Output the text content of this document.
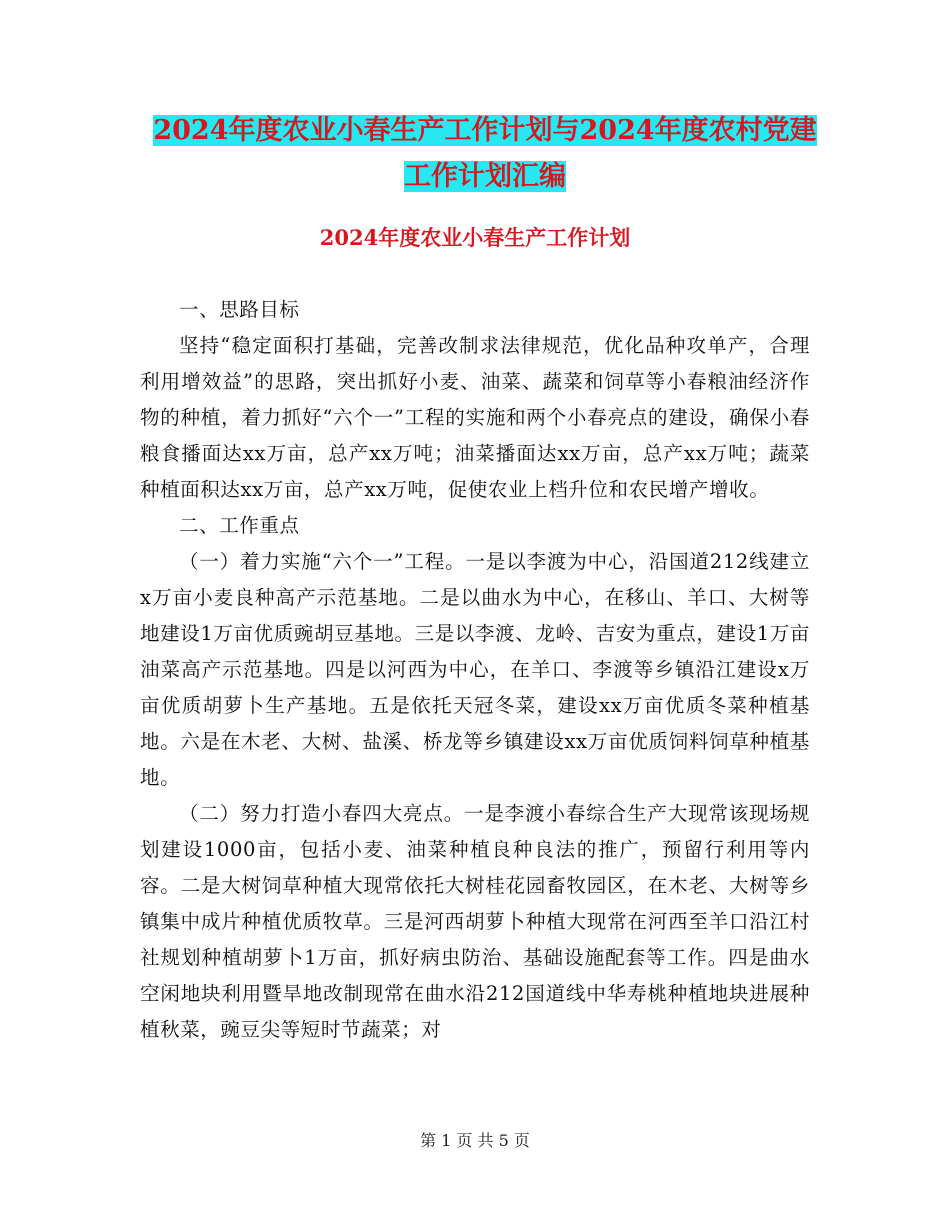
2024年度农业小春生产工作计划与2024年度农村党建
工作计划汇编
2024年度农业小春生产工作计划

一、思路目标

坚持“稳定面积打基础，完善改制求法律规范，优化品种攻单产，合理利用增效益”的思路，突出抓好小麦、油菜、蔬菜和饲草等小春粮油经济作物的种植，着力抓好“六个一”工程的实施和两个小春亮点的建设，确保小春粮食播面达xx万亩，总产xx万吨；油菜播面达xx万亩，总产xx万吨；蔬菜种植面积达xx万亩，总产xx万吨，促使农业上档升位和农民增产增收。

二、工作重点

（一）着力实施“六个一”工程。一是以李渡为中心，沿国道212线建立x万亩小麦良种高产示范基地。二是以曲水为中心，在移山、羊口、大树等地建设1万亩优质豌胡豆基地。三是以李渡、龙岭、吉安为重点，建设1万亩油菜高产示范基地。四是以河西为中心，在羊口、李渡等乡镇沿江建设x万亩优质胡萝卜生产基地。五是依托天冠冬菜，建设xx万亩优质冬菜种植基地。六是在木老、大树、盐溪、桥龙等乡镇建设xx万亩优质饲料饲草种植基地。

（二）努力打造小春四大亮点。一是李渡小春综合生产大现常该现场规划建设1000亩，包括小麦、油菜种植良种良法的推广，预留行利用等内容。二是大树饲草种植大现常依托大树桂花园畜牧园区，在木老、大树等乡镇集中成片种植优质牧草。三是河西胡萝卜种植大现常在河西至羊口沿江村社规划种植胡萝卜1万亩，抓好病虫防治、基础设施配套等工作。四是曲水空闲地块利用暨旱地改制现常在曲水沿212国道线中华寿桃种植地块进展种植秋菜，豌豆尖等短时节蔬菜；对

第 1 页 共 5 页
